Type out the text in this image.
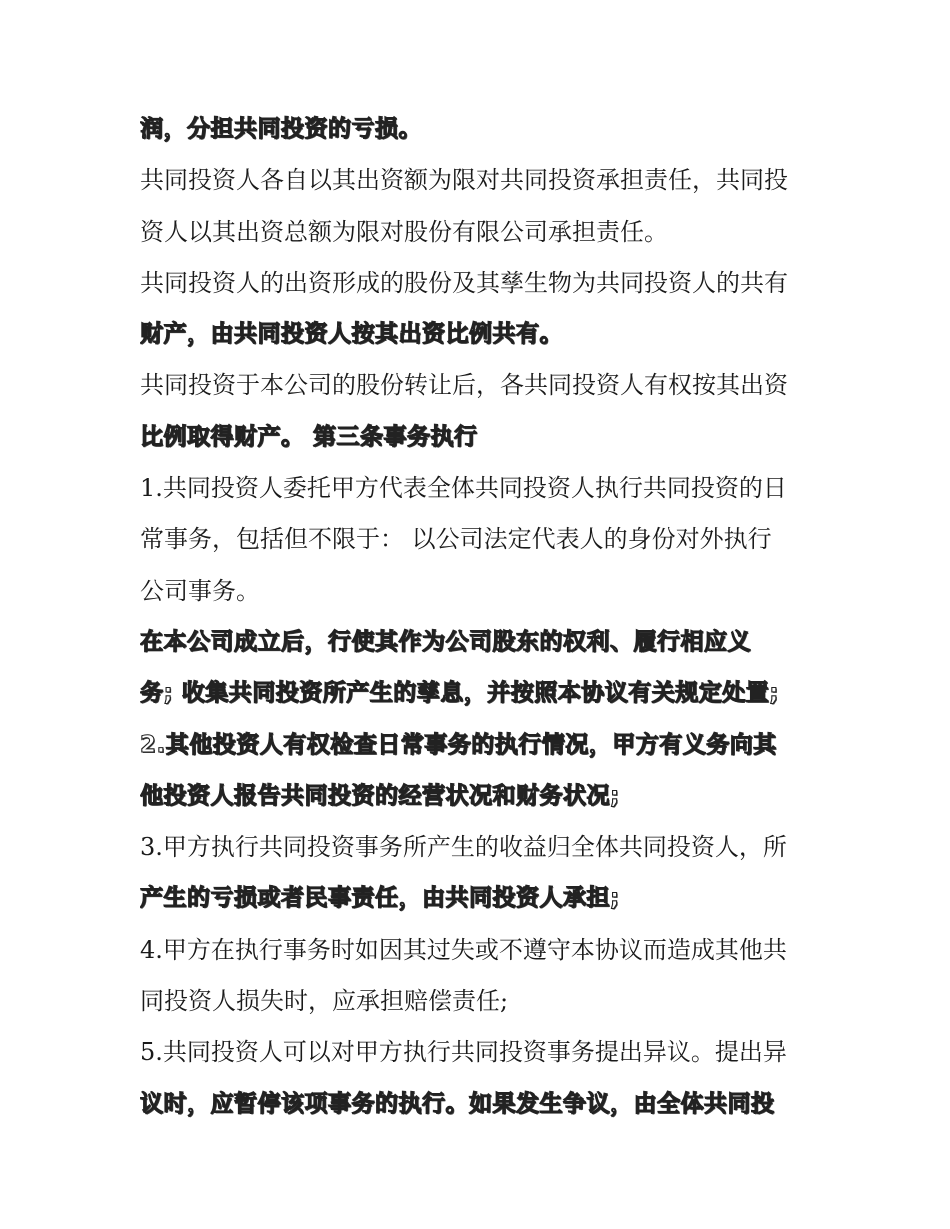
润，分担共同投资的亏损。
共同投资人各自以其出资额为限对共同投资承担责任，共同投
资人以其出资总额为限对股份有限公司承担责任。
共同投资人的出资形成的股份及其孳生物为共同投资人的共有
财产，由共同投资人按其出资比例共有。
共同投资于本公司的股份转让后，各共同投资人有权按其出资
比例取得财产。 第三条事务执行
1.共同投资人委托甲方代表全体共同投资人执行共同投资的日
常事务，包括但不限于： 以公司法定代表人的身份对外执行
公司事务。
在本公司成立后，行使其作为公司股东的权利、履行相应义
务; 收集共同投资所产生的孳息，并按照本协议有关规定处置;
2.其他投资人有权检查日常事务的执行情况，甲方有义务向其
他投资人报告共同投资的经营状况和财务状况;
3.甲方执行共同投资事务所产生的收益归全体共同投资人，所
产生的亏损或者民事责任，由共同投资人承担;
4.甲方在执行事务时如因其过失或不遵守本协议而造成其他共
同投资人损失时，应承担赔偿责任;
5.共同投资人可以对甲方执行共同投资事务提出异议。提出异
议时，应暂停该项事务的执行。如果发生争议，由全体共同投
